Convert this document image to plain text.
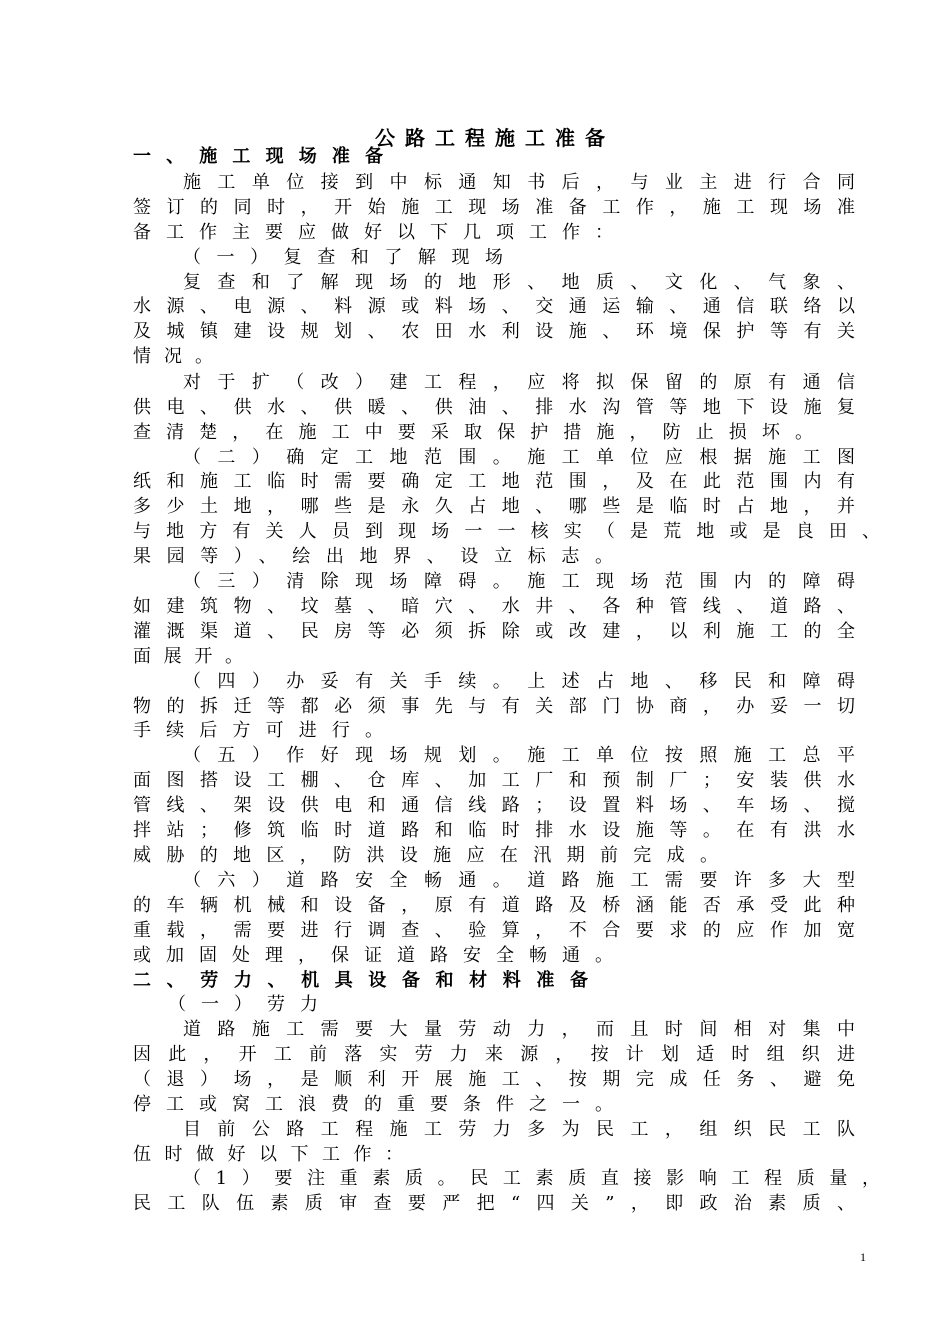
公路工程施工准备
一、施工现场准备
施工单位接到中标通知书后，与业主进行合同
签订的同时，开始施工现场准备工作，施工现场准
备工作主要应做好以下几项工作：
（一）复查和了解现场
复查和了解现场的地形、地质、文化、气象、
水源、电源、料源或料场、交通运输、通信联络以
及城镇建设规划、农田水利设施、环境保护等有关
情况。
对于扩（改）建工程，应将拟保留的原有通信
供电、供水、供暖、供油、排水沟管等地下设施复
查清楚，在施工中要采取保护措施，防止损坏。
（二）确定工地范围。施工单位应根据施工图
纸和施工临时需要确定工地范围，及在此范围内有
多少土地，哪些是永久占地、哪些是临时占地，并
与地方有关人员到现场一一核实（是荒地或是良田、
果园等）、绘出地界、设立标志。
（三）清除现场障碍。施工现场范围内的障碍
如建筑物、坟墓、暗穴、水井、各种管线、道路、
灌溉渠道、民房等必须拆除或改建，以利施工的全
面展开。
（四）办妥有关手续。上述占地、移民和障碍
物的拆迁等都必须事先与有关部门协商，办妥一切
手续后方可进行。
（五）作好现场规划。施工单位按照施工总平
面图搭设工棚、仓库、加工厂和预制厂；安装供水
管线、架设供电和通信线路；设置料场、车场、搅
拌站；修筑临时道路和临时排水设施等。在有洪水
威胁的地区，防洪设施应在汛期前完成。
（六）道路安全畅通。道路施工需要许多大型
的车辆机械和设备，原有道路及桥涵能否承受此种
重载，需要进行调查、验算，不合要求的应作加宽
或加固处理，保证道路安全畅通。
二、劳力、机具设备和材料准备
（一）劳力
道路施工需要大量劳动力，而且时间相对集中
因此，开工前落实劳力来源，按计划适时组织进
（退）场，是顺利开展施工、按期完成任务、避免
停工或窝工浪费的重要条件之一。
目前公路工程施工劳力多为民工，组织民工队
伍时做好以下工作：
（1）要注重素质。民工素质直接影响工程质量，
民工队伍素质审查要严把“四关”，即政治素质、
1
